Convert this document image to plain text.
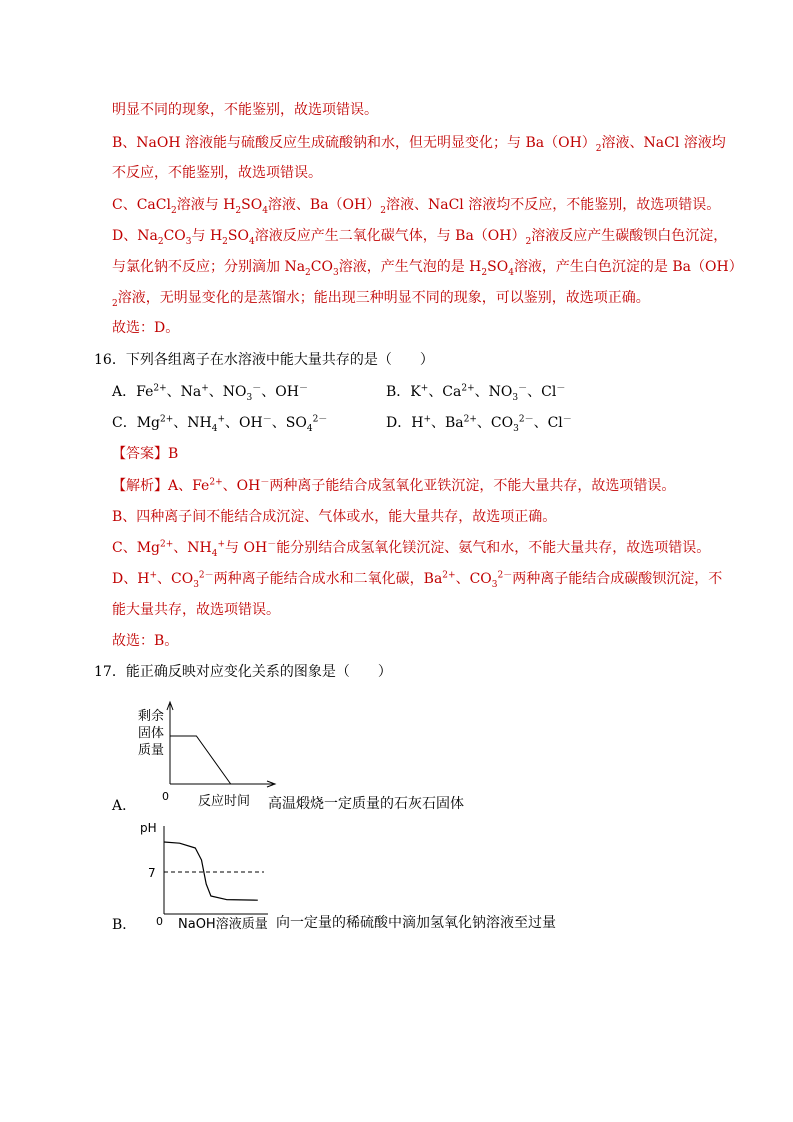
明显不同的现象，不能鉴别，故选项错误。
B、NaOH 溶液能与硫酸反应生成硫酸钠和水，但无明显变化；与 $Ba(OH)_2$溶液、NaCl 溶液均
不反应，不能鉴别，故选项错误。
C、CaCl$_2$溶液与 $H_2SO_4$溶液、$Ba(OH)_2$溶液、NaCl 溶液均不反应，不能鉴别，故选项错误。
D、$Na_2CO_3$与 $H_2SO_4$溶液反应产生二氧化碳气体，与 $Ba(OH)_2$溶液反应产生碳酸钡白色沉淀，
与氯化钠不反应；分别滴加 $Na_2CO_3$溶液，产生气泡的是 $H_2SO_4$溶液，产生白色沉淀的是 Ba（OH）
$_2$溶液，无明显变化的是蒸馏水；能出现三种明显不同的现象，可以鉴别，故选项正确。
故选：D。
16．下列各组离子在水溶液中能大量共存的是（　　）
A．$Fe^{2+}$、Na+、$NO_3^-$、OH－	B．K+、$Ca^{2+}$、$NO_3^-$、Cl－
C．$Mg^{2+}$、$NH_4^+$、OH－、$SO_4^{2-}$	D．H+、$Ba^{2+}$、$CO_3^{2-}$、Cl－
【答案】B
【解析】A、$Fe^{2+}$、OH－两种离子能结合成氢氧化亚铁沉淀，不能大量共存，故选项错误。
B、四种离子间不能结合成沉淀、气体或水，能大量共存，故选项正确。
C、$Mg^{2+}$、$NH_4^+$与 OH－能分别结合成氢氧化镁沉淀、氨气和水，不能大量共存，故选项错误。
D、H+、$CO_3^{2-}$两种离子能结合成水和二氧化碳，$Ba^{2+}$、$CO_3^{2-}$两种离子能结合成碳酸钡沉淀，不
能大量共存，故选项错误。
故选：B。
17．能正确反映对应变化关系的图象是（　　）
剩余
固体
质量
0 反应时间
A．	高温煅烧一定质量的石灰石固体
pH
7
0 NaOH溶液质量
B．	向一定量的稀硫酸中滴加氢氧化钠溶液至过量
